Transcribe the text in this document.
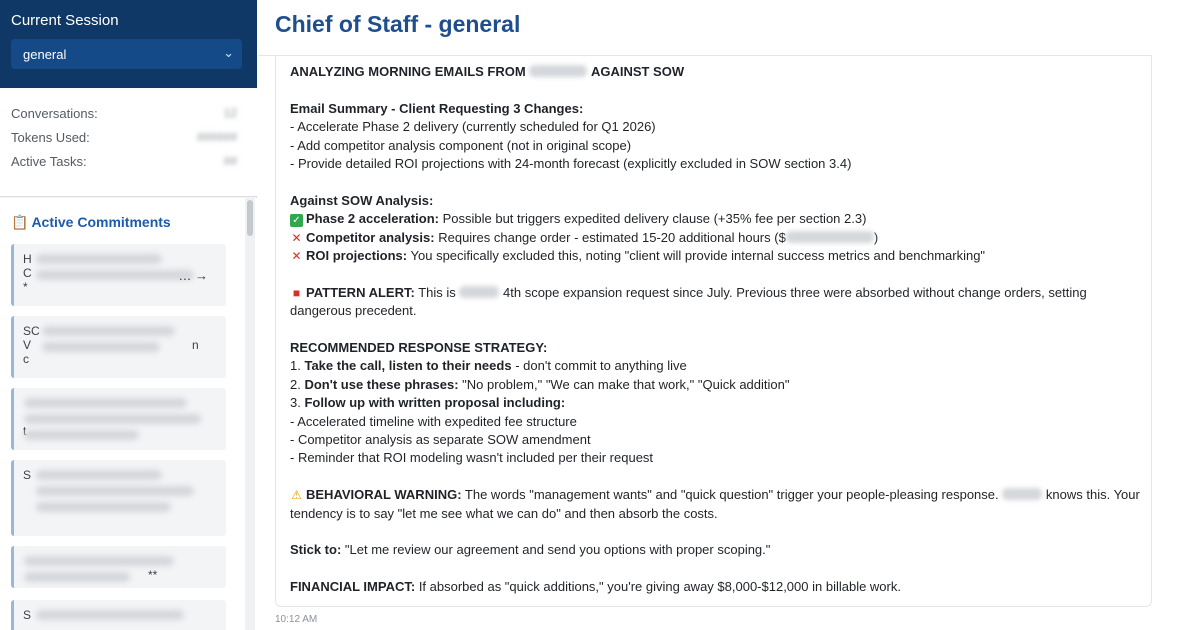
Current Session
general	⌄
Conversations:	12
Tokens Used:	######
Active Tasks:	##
📋 Active Commitments
H
C
*
… →
SC
V
c
n
S
**
S
Chief of Staff - general

ANALYZING MORNING EMAILS FROM	AGAINST SOW

Email Summary - Client Requesting 3 Changes:

- Accelerate Phase 2 delivery (currently scheduled for Q1 2026)

- Add competitor analysis component (not in original scope)

- Provide detailed ROI projections with 24-month forecast (explicitly excluded in SOW section 3.4)

Against SOW Analysis:

✓ Phase 2 acceleration: Possible but triggers expedited delivery clause (+35% fee per section 2.3)

✕ Competitor analysis: Requires change order - estimated 15-20 additional hours ($	)

✕ ROI projections: You specifically excluded this, noting "client will provide internal success metrics and benchmarking"

■ PATTERN ALERT: This is	4th scope expansion request since July. Previous three were absorbed without change orders, setting dangerous precedent.

RECOMMENDED RESPONSE STRATEGY:

1. Take the call, listen to their needs - don't commit to anything live

2. Don't use these phrases: "No problem," "We can make that work," "Quick addition"

3. Follow up with written proposal including:

- Accelerated timeline with expedited fee structure

- Competitor analysis as separate SOW amendment

- Reminder that ROI modeling wasn't included per their request

⚠ BEHAVIORAL WARNING: The words "management wants" and "quick question" trigger your people-pleasing response.	knows this. Your tendency is to say "let me see what we can do" and then absorb the costs.

Stick to: "Let me review our agreement and send you options with proper scoping."

FINANCIAL IMPACT: If absorbed as "quick additions," you're giving away $8,000-$12,000 in billable work.

10:12 AM
